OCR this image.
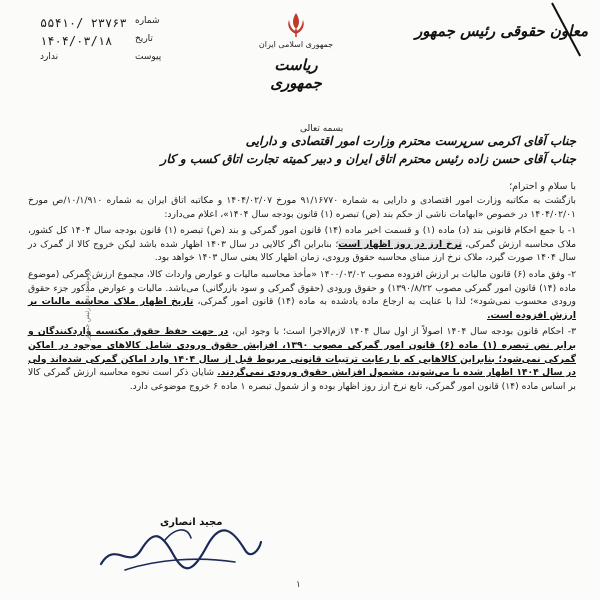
جمهوری اسلامی ایران
ریاست جمهوری
معاون حقوقی رئیس جمهور
۵۵۴۱۰/ ۲۳۷۶۳ شماره
۱۴۰۴/۰۳/۱۸	تاریخ
ندارد	پیوست
بسمه تعالی
جناب آقای اکرمی سرپرست محترم وزارت امور اقتصادی و دارایی
جناب آقای حسن زاده رئیس محترم اتاق ایران و دبیر کمیته تجارت اتاق کسب و کار
با سلام و احترام؛

بازگشت به مکاتبه وزارت امور اقتصادی و دارایی به شماره ۹۱/۱۶۷۷۰ مورخ ۱۴۰۴/۰۲/۰۷ و مکاتبه اتاق ایران به شماره ۱۰/۱/۹۱۰/ص مورخ ۱۴۰۴/۰۲/۰۱ در خصوص «ابهامات ناشی از حکم بند (ض) تبصره (۱) قانون بودجه سال ۱۴۰۴»، اعلام می‌دارد:

۱- با جمع احکام قانونی بند (د) ماده (۱) و قسمت اخیر ماده (۱۴) قانون امور گمرکی و بند (ض) تبصره (۱) قانون بودجه سال ۱۴۰۴ کل کشور، ملاک محاسبه ارزش گمرکی، نرخ ارز در روز اظهار است؛ بنابراین اگر کالایی در سال ۱۴۰۳ اظهار شده باشد لیکن خروج کالا از گمرک در سال ۱۴۰۴ صورت گیرد، ملاک نرخ ارز مبنای محاسبه حقوق ورودی، زمان اظهار کالا یعنی سال ۱۴۰۳ خواهد بود.

۲- وفق ماده (۶) قانون مالیات بر ارزش افزوده مصوب ۱۴۰۰/۰۳/۰۲ «مأخذ محاسبه مالیات و عوارض واردات کالا، مجموع ارزش گمرکی (موضوع ماده (۱۴) قانون امور گمرکی مصوب ۱۳۹۰/۸/۲۲) و حقوق ورودی (حقوق گمرکی و سود بازرگانی) می‌باشد. مالیات و عوارض مذکور جزء حقوق ورودی محسوب نمی‌شود»؛ لذا با عنایت به ارجاع ماده یادشده به ماده (۱۴) قانون امور گمرکی، تاریخ اظهار ملاک محاسبه مالیات بر ارزش افزوده است.

۳- احکام قانون بودجه سال ۱۴۰۴ اصولاً از اول سال ۱۴۰۴ لازم‌الاجرا است؛ با وجود این، در جهت حفظ حقوق مکتسبه واردکنندگان و برابر نص تبصره (۱) ماده (۶) قانون امور گمرکی مصوب ۱۳۹۰، افزایش حقوق ورودی شامل کالاهای موجود در اماکن گمرکی نمی‌شود؛ بنابراین کالاهایی که با رعایت ترتیبات قانونی مربوط قبل از سال ۱۴۰۴ وارد اماکن گمرکی شده‌اند ولی در سال ۱۴۰۴ اظهار شده یا می‌شوند، مشمول افزایش حقوق ورودی نمی‌گردند. شایان ذکر است نحوه محاسبه ارزش گمرکی کالا بر اساس ماده (۱۴) قانون امور گمرکی، تابع نرخ ارز روز اظهار بوده و از شمول تبصره ۱ ماده ۶ خروج موضوعی دارد.

مجید انصاری
رونوشت: دفتر رئیس جمهور
۱
